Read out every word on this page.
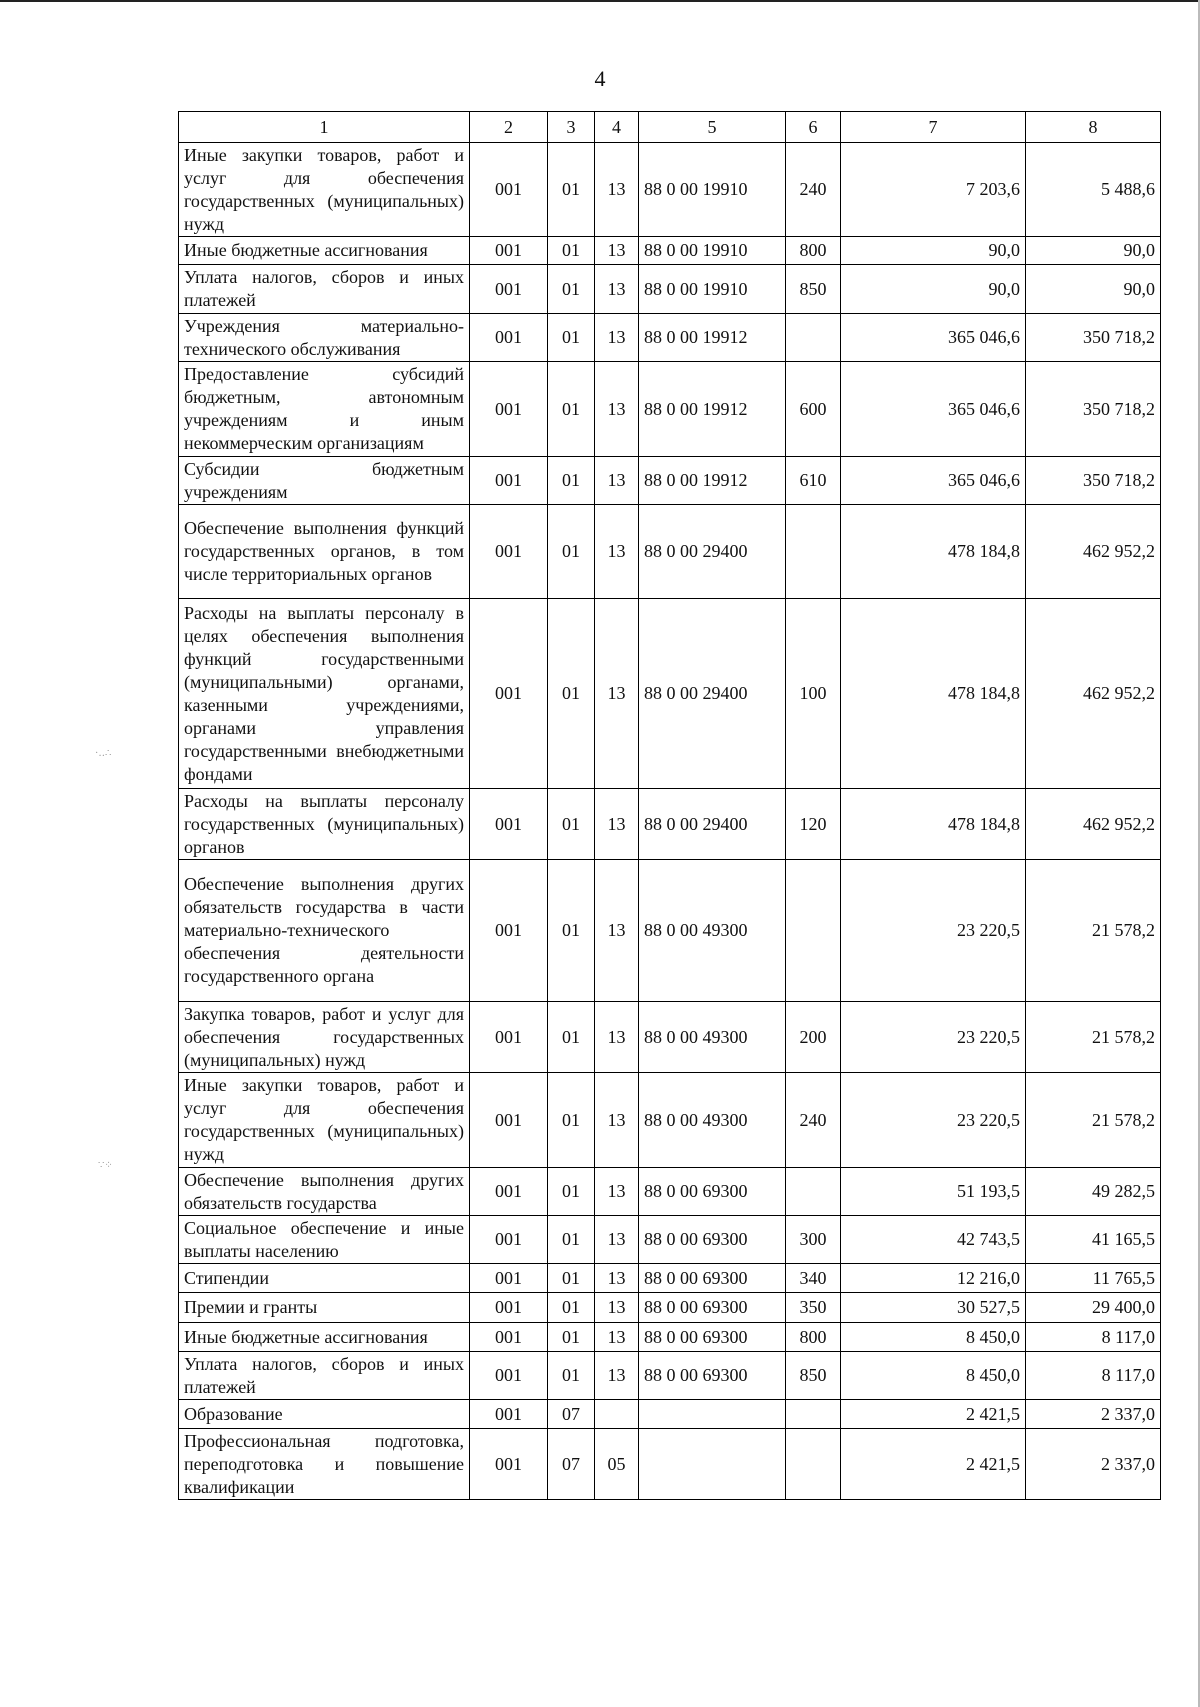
4
1	2	3	4	5	6	7	8
Иные закупки товаров, работ и услуг для обеспечения государственных (муниципальных) нужд	001	01	13	88 0 00 19910	240	7 203,6	5 488,6
Иные бюджетные ассигнования	001	01	13	88 0 00 19910	800	90,0	90,0
Уплата налогов, сборов и иных платежей	001	01	13	88 0 00 19910	850	90,0	90,0
Учреждения материально-технического обслуживания	001	01	13	88 0 00 19912		365 046,6	350 718,2
Предоставление субсидий бюджетным, автономным учреждениям и иным некоммерческим организациям	001	01	13	88 0 00 19912	600	365 046,6	350 718,2
Субсидии бюджетным учреждениям	001	01	13	88 0 00 19912	610	365 046,6	350 718,2
Обеспечение выполнения функций государственных органов, в том числе территориальных органов	001	01	13	88 0 00 29400		478 184,8	462 952,2
Расходы на выплаты персоналу в целях обеспечения выполнения функций государственными (муниципальными) органами, казенными учреждениями, органами управления государственными внебюджетными фондами	001	01	13	88 0 00 29400	100	478 184,8	462 952,2
Расходы на выплаты персоналу государственных (муниципальных) органов	001	01	13	88 0 00 29400	120	478 184,8	462 952,2
Обеспечение выполнения других обязательств государства в части материально-технического обеспечения деятельности государственного органа	001	01	13	88 0 00 49300		23 220,5	21 578,2
Закупка товаров, работ и услуг для обеспечения государственных (муниципальных) нужд	001	01	13	88 0 00 49300	200	23 220,5	21 578,2
Иные закупки товаров, работ и услуг для обеспечения государственных (муниципальных) нужд	001	01	13	88 0 00 49300	240	23 220,5	21 578,2
Обеспечение выполнения других обязательств государства	001	01	13	88 0 00 69300		51 193,5	49 282,5
Социальное обеспечение и иные выплаты населению	001	01	13	88 0 00 69300	300	42 743,5	41 165,5
Стипендии	001	01	13	88 0 00 69300	340	12 216,0	11 765,5
Премии и гранты	001	01	13	88 0 00 69300	350	30 527,5	29 400,0
Иные бюджетные ассигнования	001	01	13	88 0 00 69300	800	8 450,0	8 117,0
Уплата налогов, сборов и иных платежей	001	01	13	88 0 00 69300	850	8 450,0	8 117,0
Образование	001	07				2 421,5	2 337,0
Профессиональная подготовка, переподготовка и повышение квалификации	001	07	05			2 421,5	2 337,0
·‥∴
∵⁘
